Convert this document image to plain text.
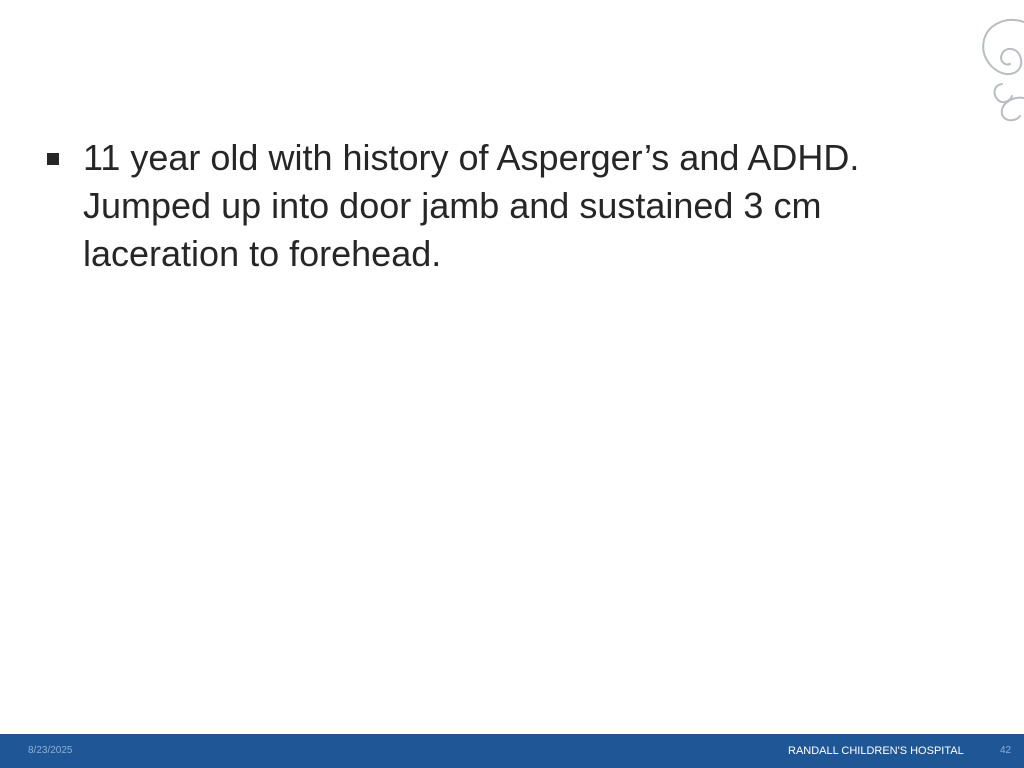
11 year old with history of Asperger’s and ADHD. Jumped up into door jamb and sustained 3 cm laceration to forehead.
8/23/2025	RANDALL CHILDREN'S HOSPITAL	42
